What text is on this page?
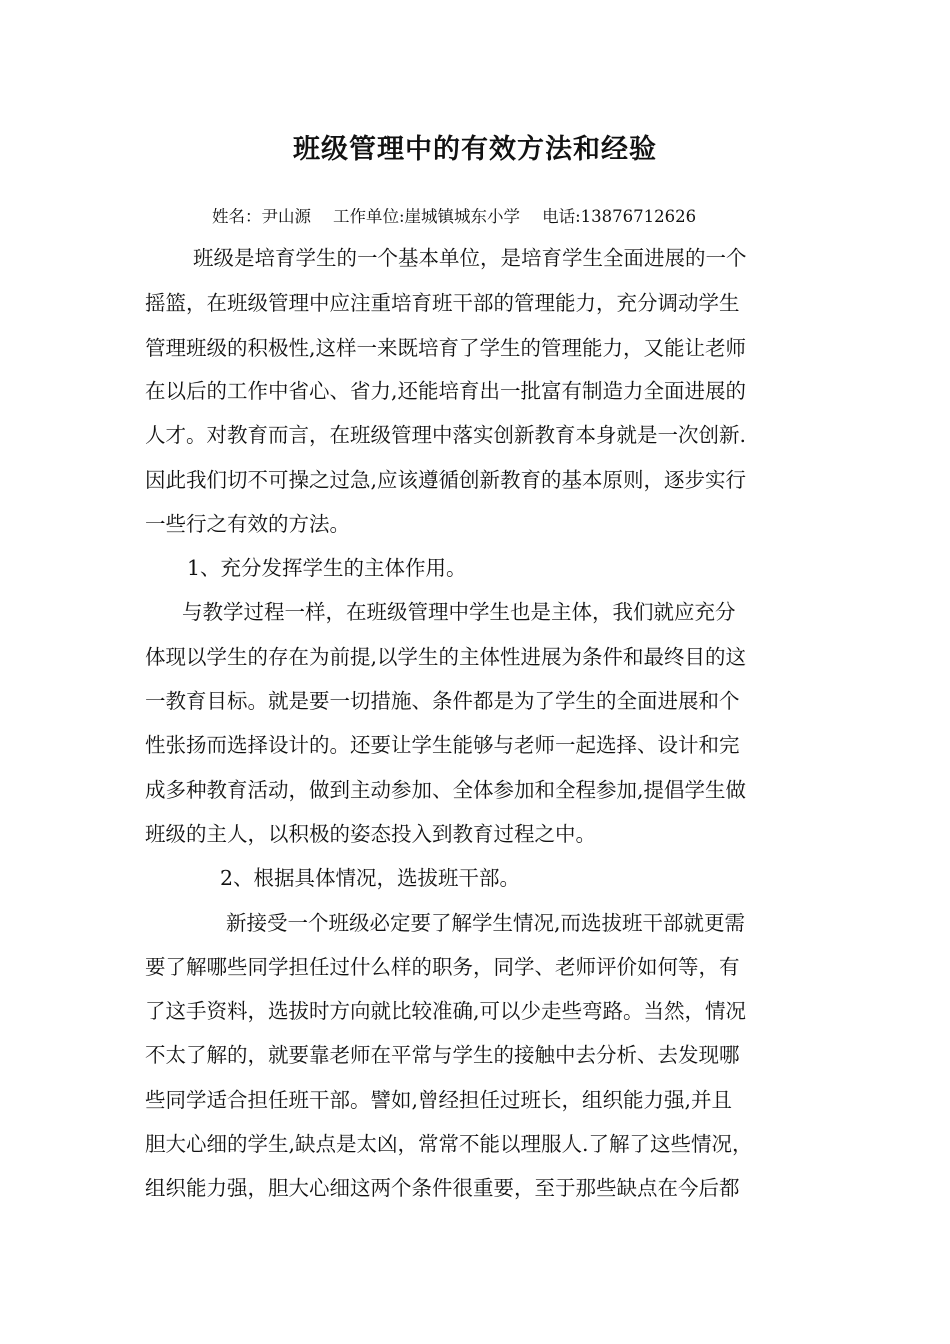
班级管理中的有效方法和经验
姓名：尹山源 工作单位:崖城镇城东小学 电话:13876712626
班级是培育学生的一个基本单位，是培育学生全面进展的一个
摇篮，在班级管理中应注重培育班干部的管理能力，充分调动学生
管理班级的积极性,这样一来既培育了学生的管理能力，又能让老师
在以后的工作中省心、省力,还能培育出一批富有制造力全面进展的
人才。对教育而言，在班级管理中落实创新教育本身就是一次创新.
因此我们切不可操之过急,应该遵循创新教育的基本原则，逐步实行
一些行之有效的方法。
1、充分发挥学生的主体作用。
与教学过程一样，在班级管理中学生也是主体，我们就应充分
体现以学生的存在为前提,以学生的主体性进展为条件和最终目的这
一教育目标。就是要一切措施、条件都是为了学生的全面进展和个
性张扬而选择设计的。还要让学生能够与老师一起选择、设计和完
成多种教育活动，做到主动参加、全体参加和全程参加,提倡学生做
班级的主人，以积极的姿态投入到教育过程之中。
2、根据具体情况，选拔班干部。
新接受一个班级必定要了解学生情况,而选拔班干部就更需
要了解哪些同学担任过什么样的职务，同学、老师评价如何等，有
了这手资料，选拔时方向就比较准确,可以少走些弯路。当然，情况
不太了解的，就要靠老师在平常与学生的接触中去分析、去发现哪
些同学适合担任班干部。譬如,曾经担任过班长，组织能力强,并且
胆大心细的学生,缺点是太凶，常常不能以理服人.了解了这些情况，
组织能力强，胆大心细这两个条件很重要，至于那些缺点在今后都
